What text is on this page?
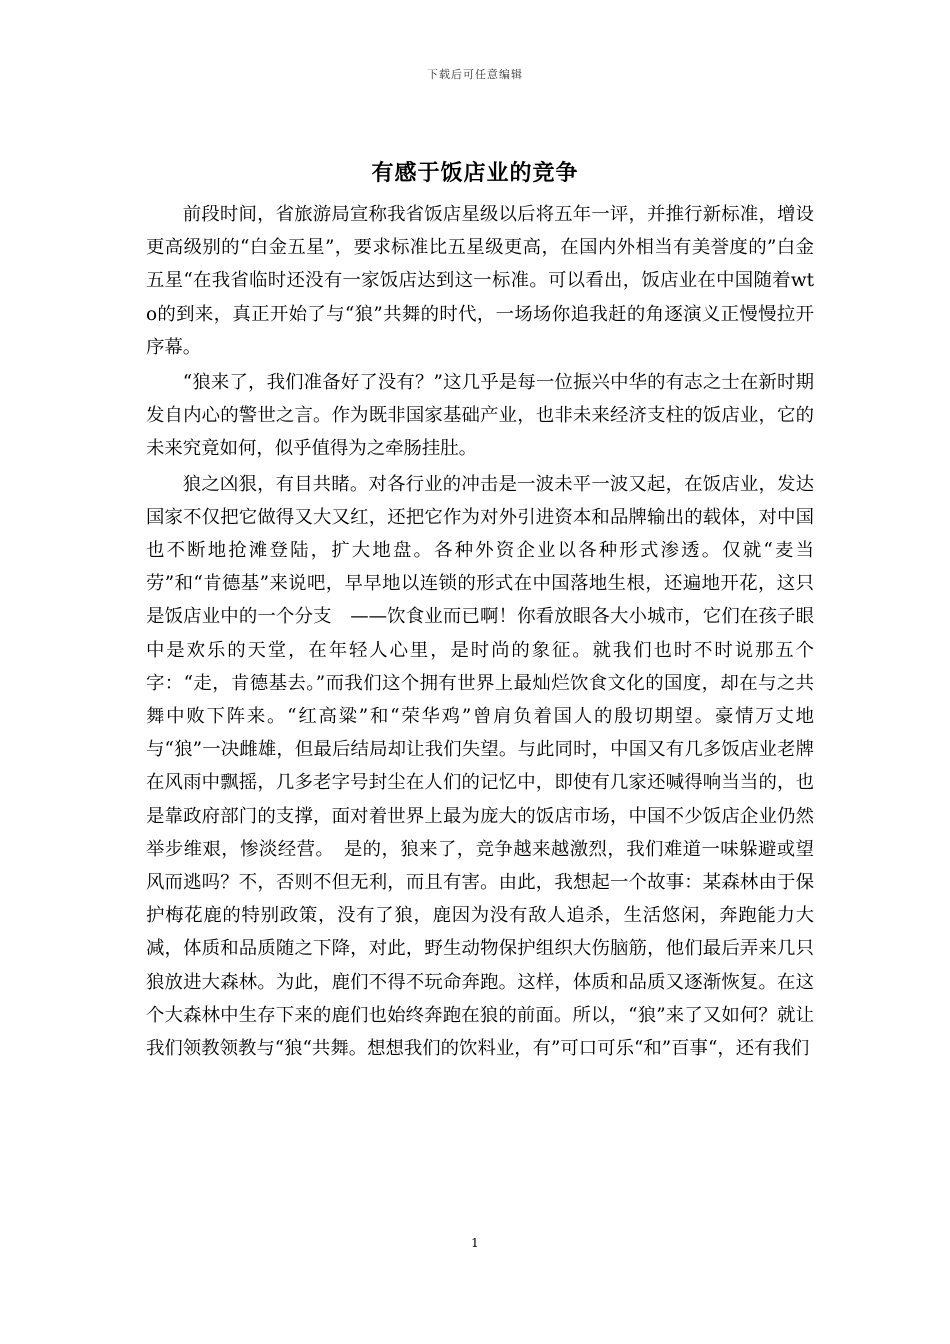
下载后可任意编辑
有感于饭店业的竞争

前段时间，省旅游局宣称我省饭店星级以后将五年一评，并推行新标准，增设更高级别的“白金五星”，要求标准比五星级更高，在国内外相当有美誉度的”白金五星“在我省临时还没有一家饭店达到这一标准。可以看出，饭店业在中国随着wto的到来，真正开始了与“狼”共舞的时代，一场场你追我赶的角逐演义正慢慢拉开序幕。

“狼来了，我们准备好了没有？”这几乎是每一位振兴中华的有志之士在新时期发自内心的警世之言。作为既非国家基础产业，也非未来经济支柱的饭店业，它的未来究竟如何，似乎值得为之牵肠挂肚。

狼之凶狠，有目共睹。对各行业的冲击是一波未平一波又起，在饭店业，发达国家不仅把它做得又大又红，还把它作为对外引进资本和品牌输出的载体，对中国也不断地抢滩登陆，扩大地盘。各种外资企业以各种形式渗透。仅就“麦当劳”和“肯德基”来说吧，早早地以连锁的形式在中国落地生根，还遍地开花，这只是饭店业中的一个分支　——饮食业而已啊！你看放眼各大小城市，它们在孩子眼中是欢乐的天堂，在年轻人心里，是时尚的象征。就我们也时不时说那五个字：“走，肯德基去。”而我们这个拥有世界上最灿烂饮食文化的国度，却在与之共舞中败下阵来。“红高粱”和“荣华鸡”曾肩负着国人的殷切期望。豪情万丈地与“狼”一决雌雄，但最后结局却让我们失望。与此同时，中国又有几多饭店业老牌在风雨中飘摇，几多老字号封尘在人们的记忆中，即使有几家还喊得响当当的，也是靠政府部门的支撑，面对着世界上最为庞大的饭店市场，中国不少饭店企业仍然举步维艰，惨淡经营。　是的，狼来了，竞争越来越激烈，我们难道一味躲避或望风而逃吗？不，否则不但无利，而且有害。由此，我想起一个故事：某森林由于保护梅花鹿的特别政策，没有了狼，鹿因为没有敌人追杀，生活悠闲，奔跑能力大减，体质和品质随之下降，对此，野生动物保护组织大伤脑筋，他们最后弄来几只狼放进大森林。为此，鹿们不得不玩命奔跑。这样，体质和品质又逐渐恢复。在这个大森林中生存下来的鹿们也始终奔跑在狼的前面。所以，“狼”来了又如何？就让我们领教领教与“狼“共舞。想想我们的饮料业，有”可口可乐“和”百事“，还有我们

1
